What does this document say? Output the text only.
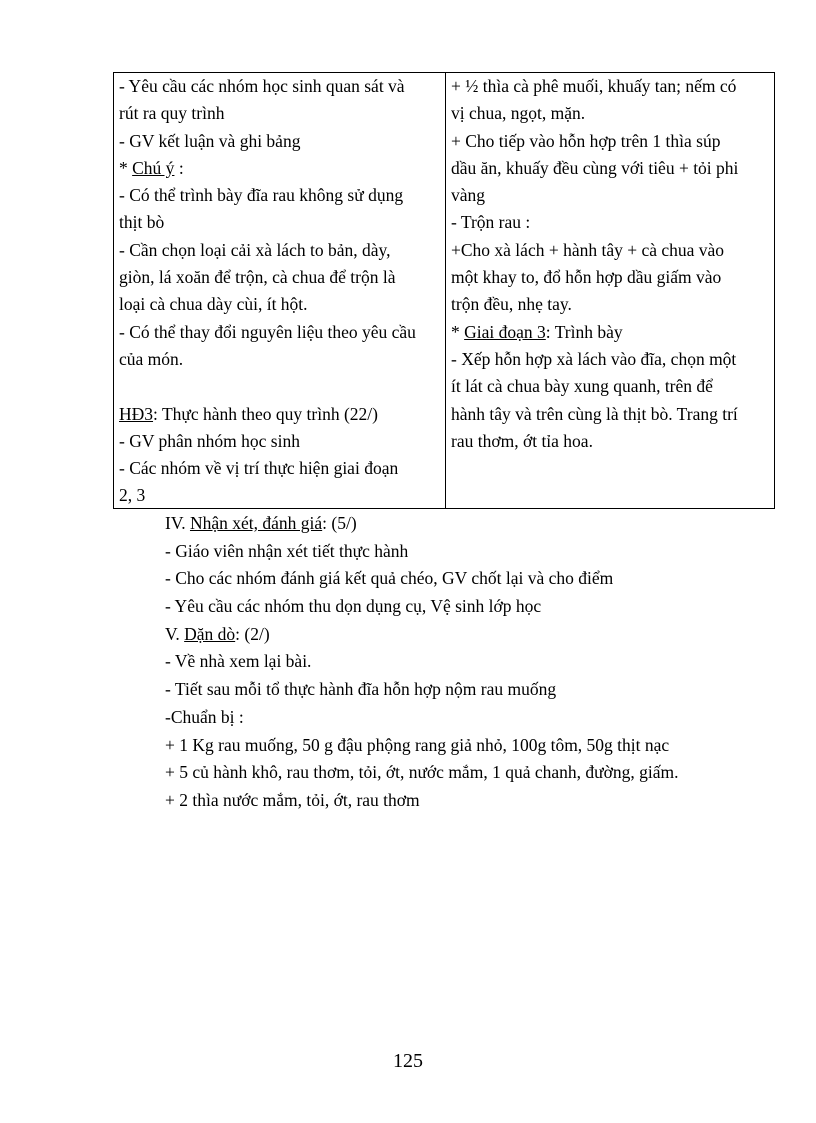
- Yêu cầu các nhóm học sinh quan sát và
rút ra quy trình
- GV kết luận và ghi bảng
* Chú ý :
- Có thể trình bày đĩa rau không sử dụng
thịt bò
- Cần chọn loại cải xà lách to bản, dày,
giòn, lá xoăn để trộn, cà chua để trộn là
loại cà chua dày cùi, ít hột.
- Có thể thay đổi nguyên liệu theo yêu cầu
của món.
HĐ3: Thực hành theo quy trình (22/)
- GV phân nhóm học sinh
- Các nhóm về vị trí thực hiện giai đoạn
2, 3
+ ½ thìa cà phê muối, khuấy tan; nếm có
vị chua, ngọt, mặn.
+ Cho tiếp vào hỗn hợp trên 1 thìa súp
dầu ăn, khuấy đều cùng với tiêu + tỏi phi
vàng
- Trộn rau :
+Cho xà lách + hành tây + cà chua vào
một khay to, đổ hỗn hợp dầu giấm vào
trộn đều, nhẹ tay.
* Giai đoạn 3: Trình bày
- Xếp hỗn hợp xà lách vào đĩa, chọn một
ít lát cà chua bày xung quanh, trên để
hành tây và trên cùng là thịt bò. Trang trí
rau thơm, ớt tỉa hoa.
IV. Nhận xét, đánh giá: (5/)
- Giáo viên nhận xét tiết thực hành
- Cho các nhóm đánh giá kết quả chéo, GV chốt lại và cho điểm
- Yêu cầu các nhóm thu dọn dụng cụ, Vệ sinh lớp học
V. Dặn dò: (2/)
- Về nhà xem lại bài.
- Tiết sau mỗi tổ thực hành đĩa hỗn hợp nộm rau muống
-Chuẩn bị :
+ 1 Kg rau muống, 50 g đậu phộng rang giả nhỏ, 100g tôm, 50g thịt nạc
+ 5 củ hành khô, rau thơm, tỏi, ớt, nước mắm, 1 quả chanh, đường, giấm.
+ 2 thìa nước mắm, tỏi, ớt, rau thơm
125
